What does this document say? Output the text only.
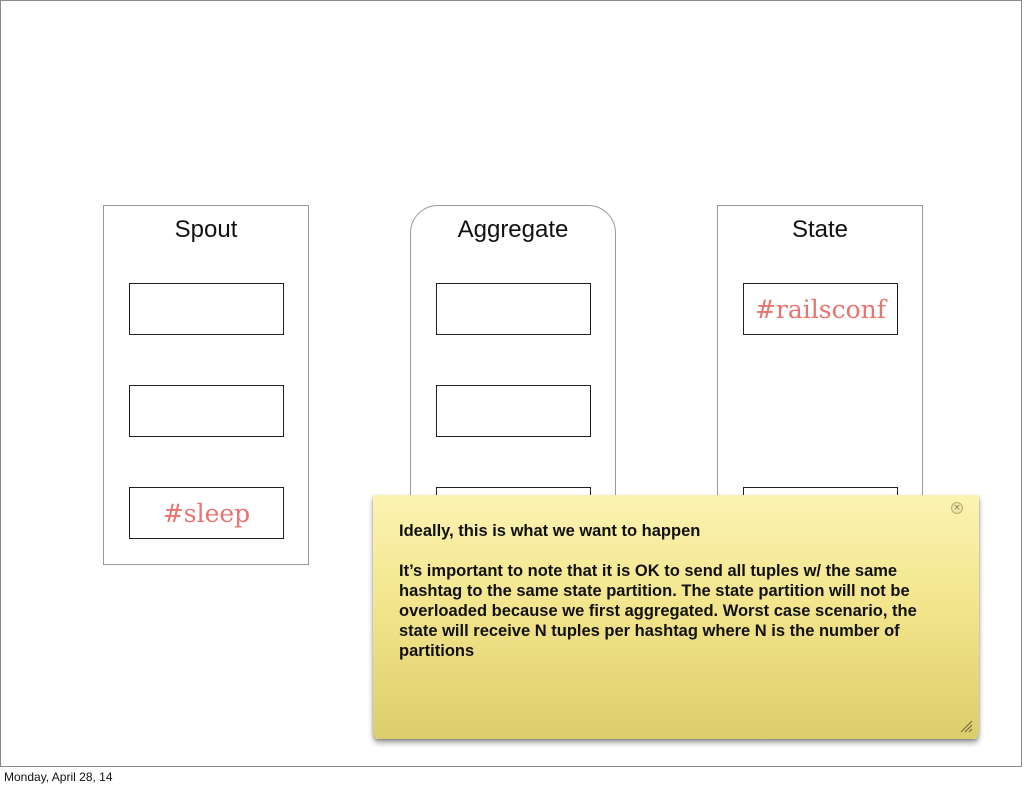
Spout
#sleep
Aggregate	State
#railsconf
×

Ideally, this is what we want to happen

It’s important to note that it is OK to send all tuples w/ the same hashtag to the same state partition. The state partition will not be overloaded because we first aggregated. Worst case scenario, the state will receive N tuples per hashtag where N is the number of partitions

Monday, April 28, 14
